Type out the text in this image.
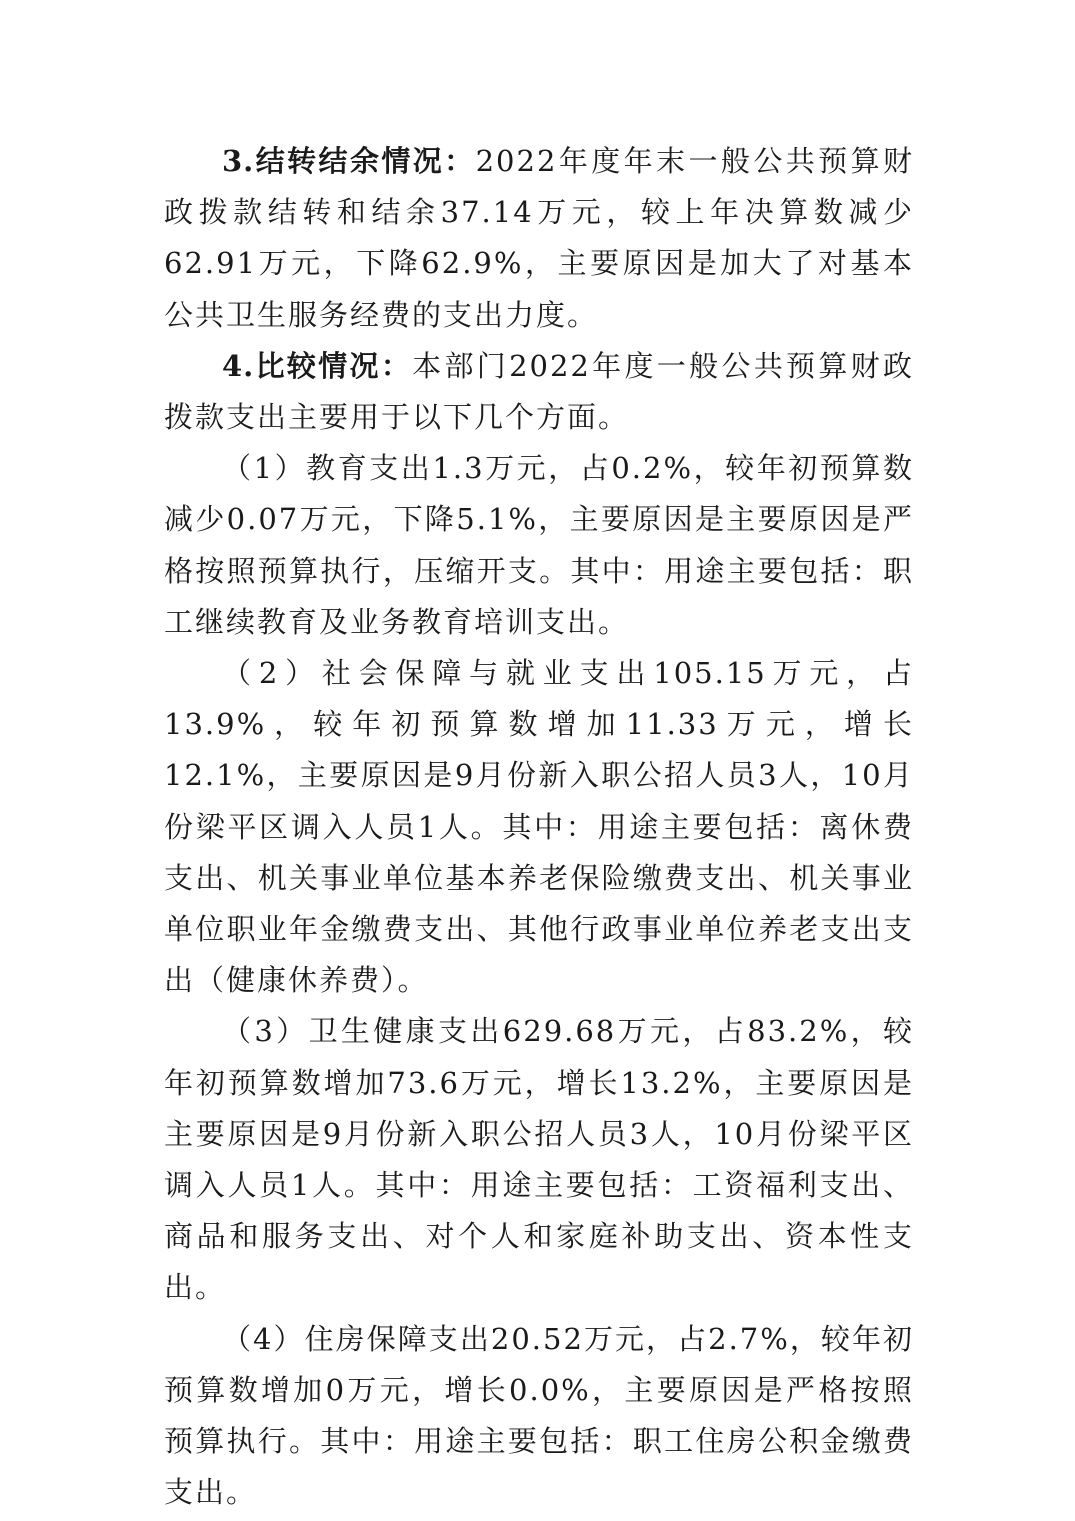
3.结转结余情况：2022年度年末一般公共预算财政拨款结转和结余37.14万元，较上年决算数减少62.91万元，下降62.9%，主要原因是加大了对基本公共卫生服务经费的支出力度。

4.比较情况：本部门2022年度一般公共预算财政拨款支出主要用于以下几个方面。

（1）教育支出1.3万元，占0.2%，较年初预算数减少0.07万元，下降5.1%，主要原因是主要原因是严格按照预算执行，压缩开支。其中：用途主要包括：职工继续教育及业务教育培训支出。

（2）社会保障与就业支出105.15万元，占13.9%，较年初预算数增加11.33万元，增长12.1%，主要原因是9月份新入职公招人员3人，10月份梁平区调入人员1人。其中：用途主要包括：离休费支出、机关事业单位基本养老保险缴费支出、机关事业单位职业年金缴费支出、其他行政事业单位养老支出支出（健康休养费）。

（3）卫生健康支出629.68万元，占83.2%，较年初预算数增加73.6万元，增长13.2%，主要原因是主要原因是9月份新入职公招人员3人，10月份梁平区调入人员1人。其中：用途主要包括：工资福利支出、商品和服务支出、对个人和家庭补助支出、资本性支出。

（4）住房保障支出20.52万元，占2.7%，较年初预算数增加0万元，增长0.0%，主要原因是严格按照预算执行。其中：用途主要包括：职工住房公积金缴费支出。
